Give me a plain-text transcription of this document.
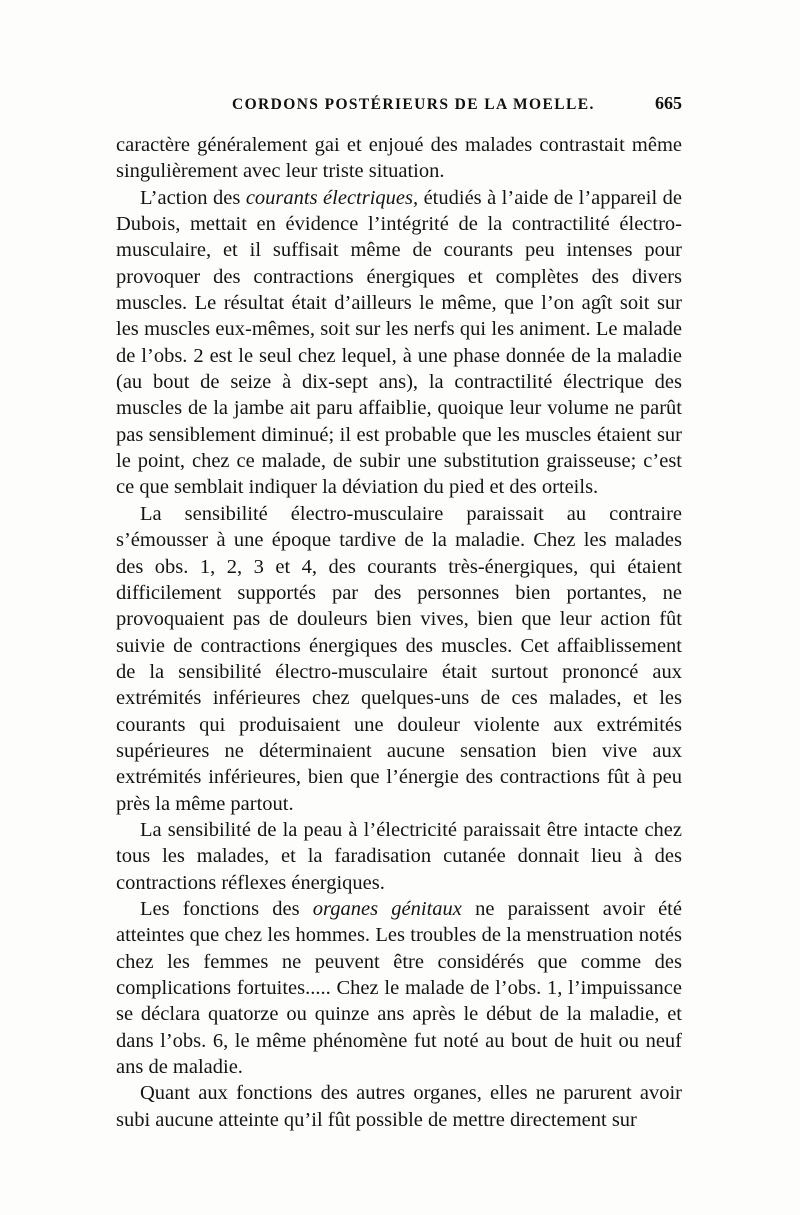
CORDONS POSTÉRIEURS DE LA MOELLE.	665

caractère généralement gai et enjoué des malades contrastait même singulièrement avec leur triste situation.

L’action des courants électriques, étudiés à l’aide de l’appareil de Dubois, mettait en évidence l’intégrité de la contractilité électro-musculaire, et il suffisait même de courants peu intenses pour provoquer des contractions énergiques et complètes des divers muscles. Le résultat était d’ailleurs le même, que l’on agît soit sur les muscles eux-mêmes, soit sur les nerfs qui les animent. Le malade de l’obs. 2 est le seul chez lequel, à une phase donnée de la maladie (au bout de seize à dix-sept ans), la contractilité électrique des muscles de la jambe ait paru affaiblie, quoique leur volume ne parût pas sensiblement diminué; il est probable que les muscles étaient sur le point, chez ce malade, de subir une substitution graisseuse; c’est ce que semblait indiquer la déviation du pied et des orteils.

La sensibilité électro-musculaire paraissait au contraire s’émousser à une époque tardive de la maladie. Chez les malades des obs. 1, 2, 3 et 4, des courants très-énergiques, qui étaient difficilement supportés par des personnes bien portantes, ne provoquaient pas de douleurs bien vives, bien que leur action fût suivie de contractions énergiques des muscles. Cet affaiblissement de la sensibilité électro-musculaire était surtout prononcé aux extrémités inférieures chez quelques-uns de ces malades, et les courants qui produisaient une douleur violente aux extrémités supérieures ne déterminaient aucune sensation bien vive aux extrémités inférieures, bien que l’énergie des contractions fût à peu près la même partout.

La sensibilité de la peau à l’électricité paraissait être intacte chez tous les malades, et la faradisation cutanée donnait lieu à des contractions réflexes énergiques.

Les fonctions des organes génitaux ne paraissent avoir été atteintes que chez les hommes. Les troubles de la menstruation notés chez les femmes ne peuvent être considérés que comme des complications fortuites..... Chez le malade de l’obs. 1, l’impuissance se déclara quatorze ou quinze ans après le début de la maladie, et dans l’obs. 6, le même phénomène fut noté au bout de huit ou neuf ans de maladie.

Quant aux fonctions des autres organes, elles ne parurent avoir subi aucune atteinte qu’il fût possible de mettre directement sur
